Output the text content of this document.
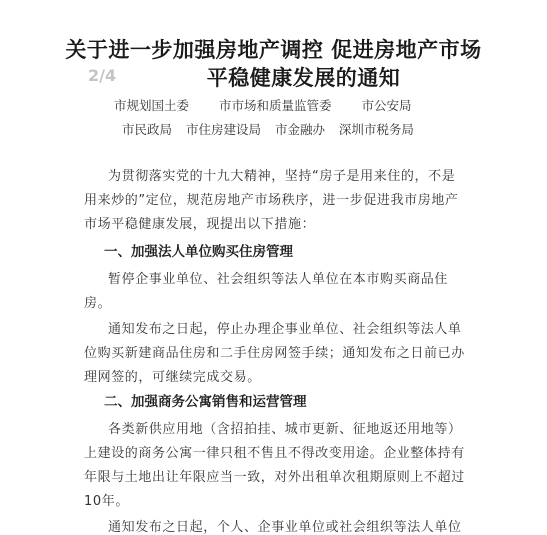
关于进一步加强房地产调控 促进房地产市场
平稳健康发展的通知
2/4
市规划国土委 市市场和质量监管委 市公安局
市民政局 市住房建设局 市金融办 深圳市税务局
为贯彻落实党的十九大精神，坚持“房子是用来住的，不是
用来炒的”定位，规范房地产市场秩序，进一步促进我市房地产
市场平稳健康发展，现提出以下措施：
一、加强法人单位购买住房管理
暂停企事业单位、社会组织等法人单位在本市购买商品住
房。
通知发布之日起，停止办理企事业单位、社会组织等法人单
位购买新建商品住房和二手住房网签手续；通知发布之日前已办
理网签的，可继续完成交易。
二、加强商务公寓销售和运营管理
各类新供应用地（含招拍挂、城市更新、征地返还用地等）
上建设的商务公寓一律只租不售且不得改变用途。企业整体持有
年限与土地出让年限应当一致，对外出租单次租期原则上不超过
10年。
通知发布之日起，个人、企事业单位或社会组织等法人单位
